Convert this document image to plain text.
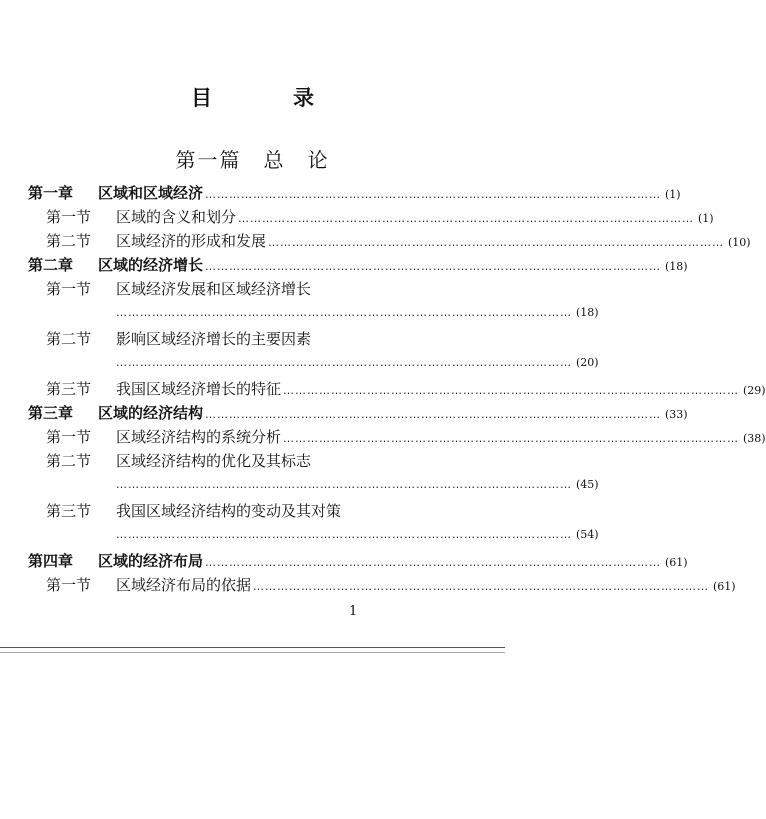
目　录
第一篇　总　论
第一章	区域和区域经济 …………………………………………………………………………………………………… (1)
第一节	区域的含义和划分 …………………………………………………………………………………………………… (1)
第二节	区域经济的形成和发展 …………………………………………………………………………………………………… (10)
第二章	区域的经济增长 …………………………………………………………………………………………………… (18)
第一节	区域经济发展和区域经济增长
…………………………………………………………………………………………………… (18)
第二节	影响区域经济增长的主要因素
…………………………………………………………………………………………………… (20)
第三节	我国区域经济增长的特征 …………………………………………………………………………………………………… (29)
第三章	区域的经济结构 …………………………………………………………………………………………………… (33)
第一节	区域经济结构的系统分析 …………………………………………………………………………………………………… (38)
第二节	区域经济结构的优化及其标志
…………………………………………………………………………………………………… (45)
第三节	我国区域经济结构的变动及其对策
…………………………………………………………………………………………………… (54)
第四章	区域的经济布局 …………………………………………………………………………………………………… (61)
第一节	区域经济布局的依据 …………………………………………………………………………………………………… (61)
1
